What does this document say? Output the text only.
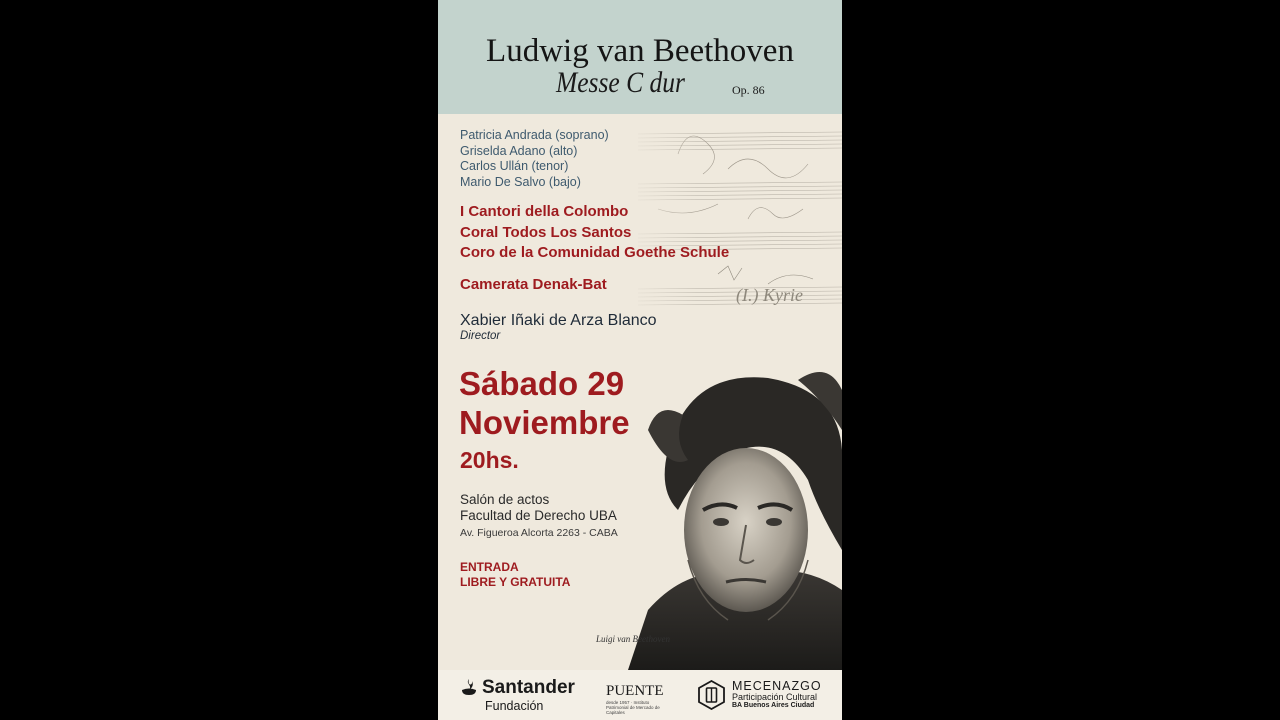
Ludwig van Beethoven
Messe C dur	Op. 86
Patricia Andrada (soprano)
Griselda Adano (alto)
Carlos Ullán (tenor)
Mario De Salvo (bajo)
I Cantori della Colombo
Coral Todos Los Santos
Coro de la Comunidad Goethe Schule
Camerata Denak-Bat
Xabier Iñaki de Arza Blanco
Director
Sábado 29
Noviembre
20hs.
Salón de actos
Facultad de Derecho UBA
Av. Figueroa Alcorta 2263 - CABA
ENTRADA
LIBRE Y GRATUITA
Luigi van Beethoven
Santander
Fundación
PUENTE
desde 1957 · Instituto Patrimonial de Mercado de Capitales
MECENAZGO
Participación Cultural
BA Buenos Aires Ciudad
